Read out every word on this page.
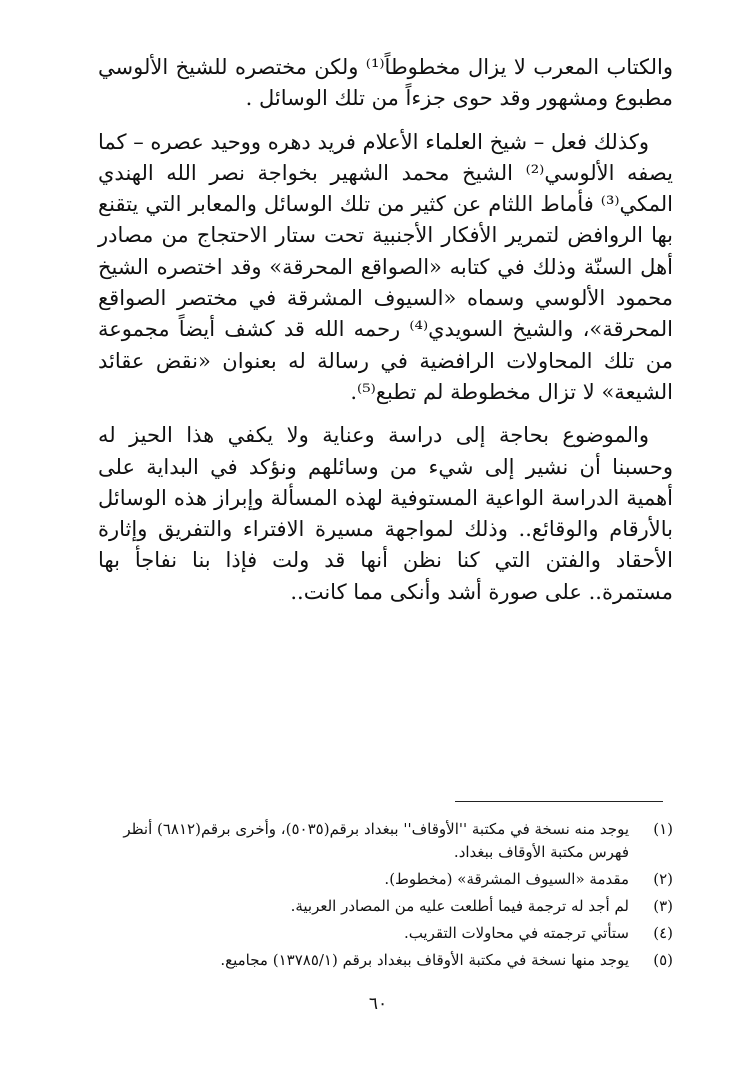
والكتاب المعرب لا يزال مخطوطاً⁽¹⁾ ولكن مختصره للشيخ الألوسي مطبوع ومشهور وقد حوى جزءاً من تلك الوسائل .

وكذلك فعل – شيخ العلماء الأعلام فريد دهره ووحيد عصره – كما يصفه الألوسي⁽²⁾ الشيخ محمد الشهير بخواجة نصر الله الهندي المكي⁽³⁾ فأماط اللثام عن كثير من تلك الوسائل والمعابر التي يتقنع بها الروافض لتمرير الأفكار الأجنبية تحت ستار الاحتجاج من مصادر أهل السنّة وذلك في كتابه «الصواقع المحرقة» وقد اختصره الشيخ محمود الألوسي وسماه «السيوف المشرقة في مختصر الصواقع المحرقة»، والشيخ السويدي⁽⁴⁾ رحمه الله قد كشف أيضاً مجموعة من تلك المحاولات الرافضية في رسالة له بعنوان «نقض عقائد الشيعة» لا تزال مخطوطة لم تطبع⁽⁵⁾.

والموضوع بحاجة إلى دراسة وعناية ولا يكفي هذا الحيز له وحسبنا أن نشير إلى شيء من وسائلهم ونؤكد في البداية على أهمية الدراسة الواعية المستوفية لهذه المسألة وإبراز هذه الوسائل بالأرقام والوقائع.. وذلك لمواجهة مسيرة الافتراء والتفريق وإثارة الأحقاد والفتن التي كنا نظن أنها قد ولت فإذا بنا نفاجأ بها مستمرة.. على صورة أشد وأنكى مما كانت..

(١)
يوجد منه نسخة في مكتبة ''الأوقاف'' ببغداد برقم(٥٠٣٥)، وأخرى برقم(٦٨١٢) أنظر فهرس مكتبة الأوقاف ببغداد.
(٢)
مقدمة «السيوف المشرقة» (مخطوط).
(٣)
لم أجد له ترجمة فيما أطلعت عليه من المصادر العربية.
(٤)
ستأتي ترجمته في محاولات التقريب.
(٥)
يوجد منها نسخة في مكتبة الأوقاف ببغداد برقم (١٣٧٨٥/١) مجاميع.
٦٠
